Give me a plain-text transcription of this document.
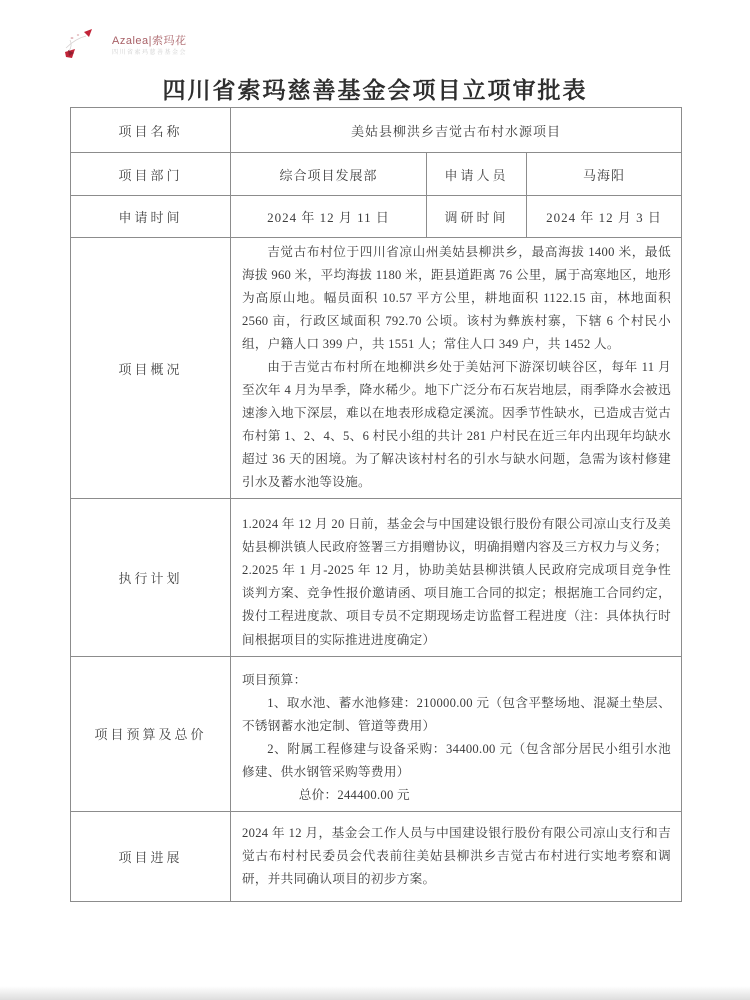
Azalea|索玛花
四川省索玛慈善基金会
四川省索玛慈善基金会项目立项审批表
项目名称	美姑县柳洪乡吉觉古布村水源项目		
项目部门	综合项目发展部	申请人员	马海阳
申请时间	2024 年 12 月 11 日	调研时间	2024 年 12 月 3 日
项目概况	吉觉古布村位于四川省凉山州美姑县柳洪乡，最高海拔 1400 米，最低海拔 960 米，平均海拔 1180 米，距县道距离 76 公里，属于高寒地区，地形为高原山地。幅员面积 10.57 平方公里，耕地面积 1122.15 亩，林地面积 2560 亩，行政区域面积 792.70 公顷。该村为彝族村寨，下辖 6 个村民小组，户籍人口 399 户，共 1551 人；常住人口 349 户，共 1452 人。

由于吉觉古布村所在地柳洪乡处于美姑河下游深切峡谷区，每年 11 月至次年 4 月为旱季，降水稀少。地下广泛分布石灰岩地层，雨季降水会被迅速渗入地下深层，难以在地表形成稳定溪流。因季节性缺水，已造成吉觉古布村第 1、2、4、5、6 村民小组的共计 281 户村民在近三年内出现年均缺水超过 36 天的困境。为了解决该村村名的引水与缺水问题，急需为该村修建引水及蓄水池等设施。		

执行计划	1.2024 年 12 月 20 日前，基金会与中国建设银行股份有限公司凉山支行及美姑县柳洪镇人民政府签署三方捐赠协议，明确捐赠内容及三方权力与义务；

2.2025 年 1 月-2025 年 12 月，协助美姑县柳洪镇人民政府完成项目竞争性谈判方案、竞争性报价邀请函、项目施工合同的拟定；根据施工合同约定，拨付工程进度款、项目专员不定期现场走访监督工程进度（注：具体执行时间根据项目的实际推进进度确定）		

项目预算及总价	项目预算：

1、取水池、蓄水池修建：210000.00 元（包含平整场地、混凝土垫层、不锈钢蓄水池定制、管道等费用）

2、附属工程修建与设备采购：34400.00 元（包含部分居民小组引水池修建、供水钢管采购等费用）

总价：244400.00 元		

项目进展	2024 年 12 月，基金会工作人员与中国建设银行股份有限公司凉山支行和吉觉古布村村民委员会代表前往美姑县柳洪乡吉觉古布村进行实地考察和调研，并共同确认项目的初步方案。		
